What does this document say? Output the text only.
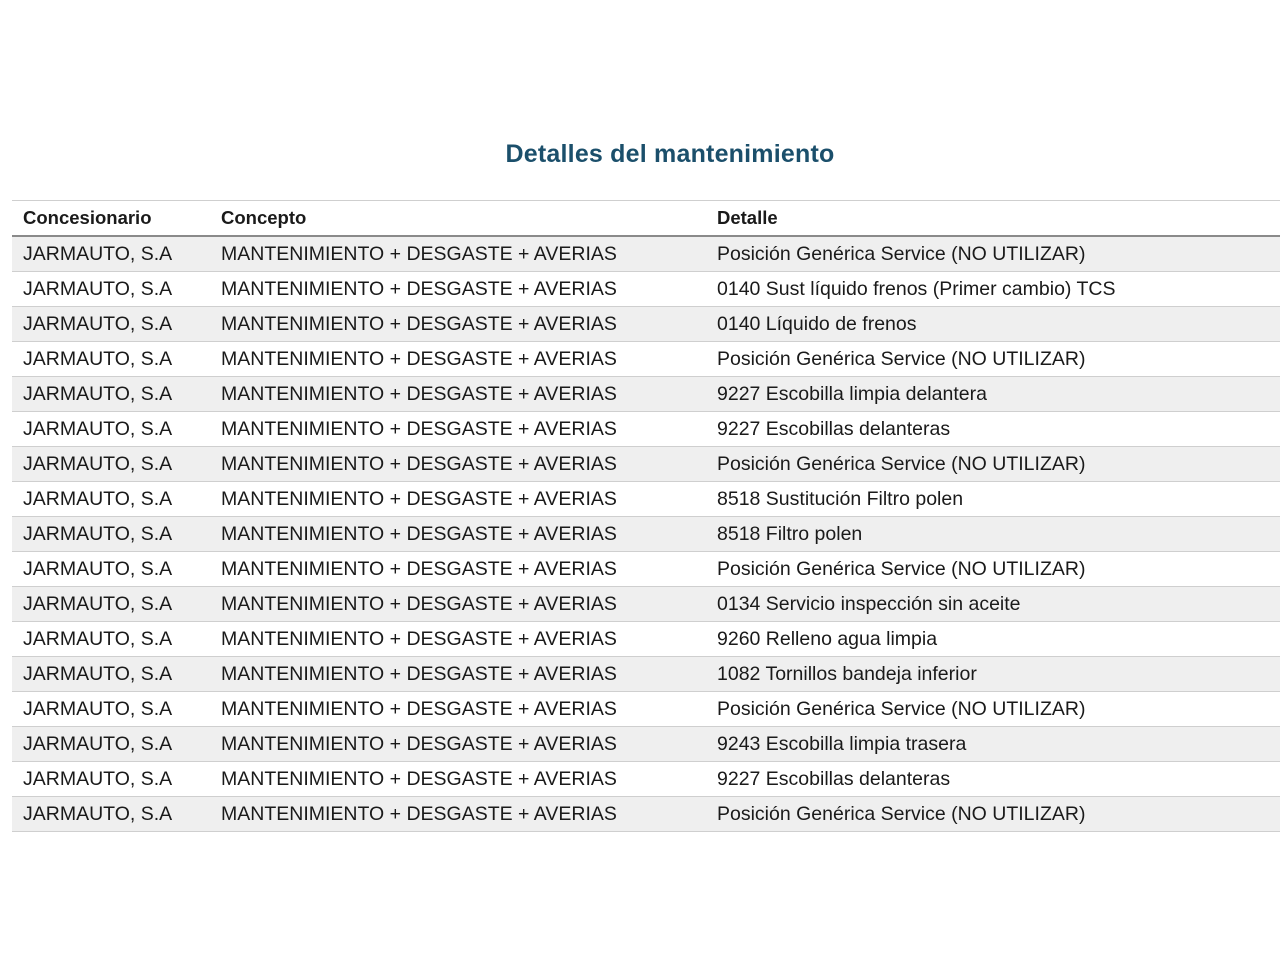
Detalles del mantenimiento
Concesionario	Concepto	Detalle
JARMAUTO, S.A	MANTENIMIENTO + DESGASTE + AVERIAS	Posición Genérica Service (NO UTILIZAR)
JARMAUTO, S.A	MANTENIMIENTO + DESGASTE + AVERIAS	0140 Sust líquido frenos (Primer cambio) TCS
JARMAUTO, S.A	MANTENIMIENTO + DESGASTE + AVERIAS	0140 Líquido de frenos
JARMAUTO, S.A	MANTENIMIENTO + DESGASTE + AVERIAS	Posición Genérica Service (NO UTILIZAR)
JARMAUTO, S.A	MANTENIMIENTO + DESGASTE + AVERIAS	9227 Escobilla limpia delantera
JARMAUTO, S.A	MANTENIMIENTO + DESGASTE + AVERIAS	9227 Escobillas delanteras
JARMAUTO, S.A	MANTENIMIENTO + DESGASTE + AVERIAS	Posición Genérica Service (NO UTILIZAR)
JARMAUTO, S.A	MANTENIMIENTO + DESGASTE + AVERIAS	8518 Sustitución Filtro polen
JARMAUTO, S.A	MANTENIMIENTO + DESGASTE + AVERIAS	8518 Filtro polen
JARMAUTO, S.A	MANTENIMIENTO + DESGASTE + AVERIAS	Posición Genérica Service (NO UTILIZAR)
JARMAUTO, S.A	MANTENIMIENTO + DESGASTE + AVERIAS	0134 Servicio inspección sin aceite
JARMAUTO, S.A	MANTENIMIENTO + DESGASTE + AVERIAS	9260 Relleno agua limpia
JARMAUTO, S.A	MANTENIMIENTO + DESGASTE + AVERIAS	1082 Tornillos bandeja inferior
JARMAUTO, S.A	MANTENIMIENTO + DESGASTE + AVERIAS	Posición Genérica Service (NO UTILIZAR)
JARMAUTO, S.A	MANTENIMIENTO + DESGASTE + AVERIAS	9243 Escobilla limpia trasera
JARMAUTO, S.A	MANTENIMIENTO + DESGASTE + AVERIAS	9227 Escobillas delanteras
JARMAUTO, S.A	MANTENIMIENTO + DESGASTE + AVERIAS	Posición Genérica Service (NO UTILIZAR)
